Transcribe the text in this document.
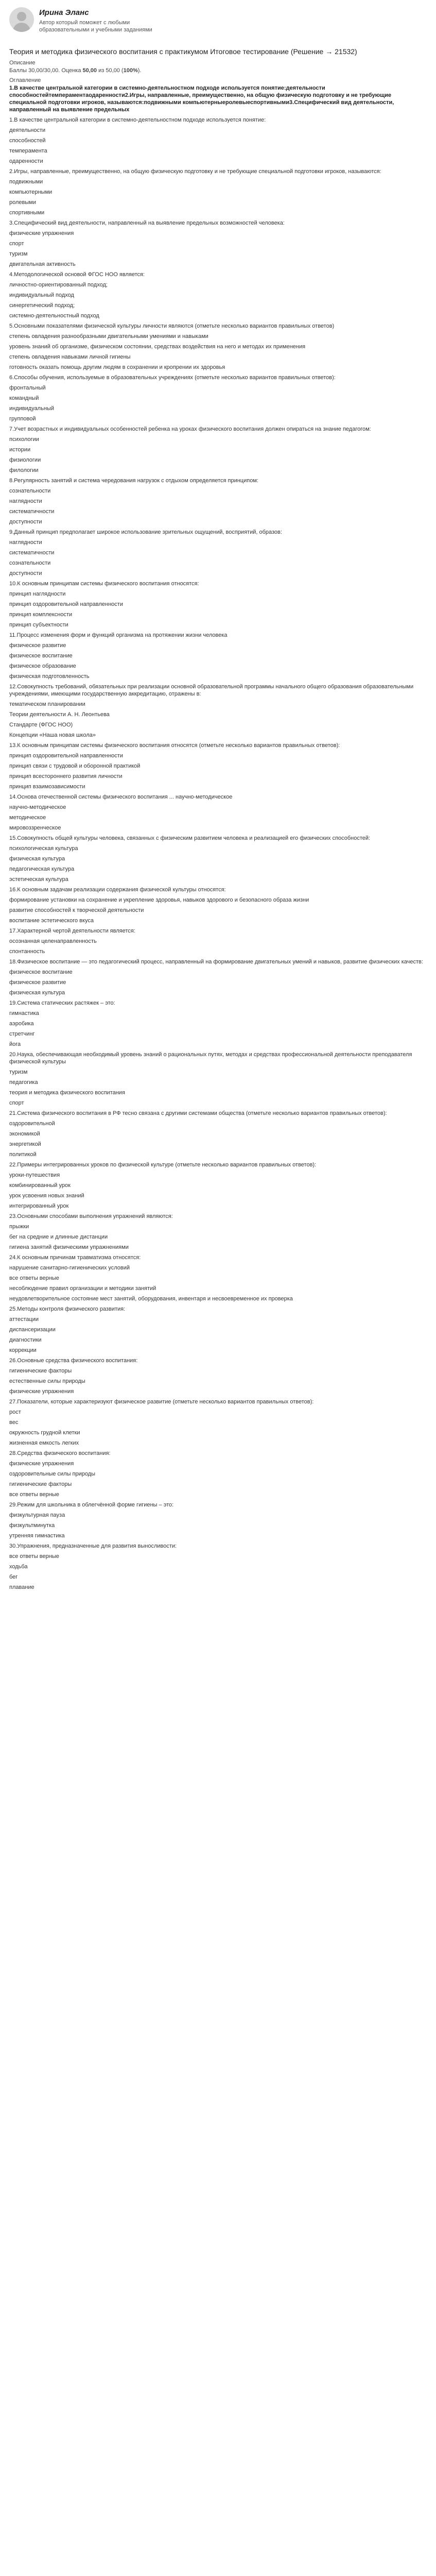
Ирина Эланс
Автор который поможет с любыми образовательными и учебными заданиями
Теория и методика физического воспитания с практикумом Итоговое тестирование (Решение → 21532)
Описание
Баллы 30,00/30,00. Оценка 50,00 из 50,00 (100%).
Оглавление

1.В качестве центральной категории в системно-деятельностном подходе используется понятие:деятельности способностейтемпераментаодаренности2.Игры, направленные, преимущественно, на общую физическую подготовку и не требующие специальной подготовки игроков, называются:подвижными компьютерныеролевыеспортивными3.Специфический вид деятельности, направленный на выявление предельных

1.В качестве центральной категории в системно-деятельностном подходе используется понятие:
деятельности
способностей
темперамента
одаренности
2.Игры, направленные, преимущественно, на общую физическую подготовку и не требующие специальной подготовки игроков, называются:
подвижными
компьютерными
ролевыми
спортивными
3.Специфический вид деятельности, направленный на выявление предельных возможностей человека:
физические упражнения
спорт
туризм
двигательная активность
4.Методологической основой ФГОС НОО является:
личностно-ориентированный подход;
индивидуальный подход
синергетический подход;
системно-деятельностный подход
5.Основными показателями физической культуры личности являются (отметьте несколько вариантов правильных ответов)
степень овладения разнообразными двигательными умениями и навыками
уровень знаний об организме, физическом состоянии, средствах воздействия на него и методах их применения
степень овладения навыками личной гигиены
готовность оказать помощь другим людям в сохранении и кропрении их здоровья
6.Способы обучения, используемые в образовательных учреждениях (отметьте несколько вариантов правильных ответов):
фронтальный
командный
индивидуальный
групповой
7.Учет возрастных и индивидуальных особенностей ребенка на уроках физического воспитания должен опираться на знание педагогом:
психологии
истории
физиологии
филологии
8.Регулярность занятий и система чередования нагрузок с отдыхом определяется принципом:
сознательности
наглядности
систематичности
доступности
9.Данный принцип предполагает широкое использование зрительных ощущений, восприятий, образов:
наглядности
систематичности
сознательности
доступности
10.К основным принципам системы физического воспитания относятся:
принцип наглядности
принцип оздоровительной направленности
принцип комплексности
принцип субъектности
11.Процесс изменения форм и функций организма на протяжении жизни человека
физическое развитие
физическое воспитание
физическое образование
физическая подготовленность
12.Совокупность требований, обязательных при реализации основной образовательной программы начального общего образования образовательными учреждениями, имеющими государственную аккредитацию, отражены в:
тематическом планировании
Теории деятельности А. Н. Леонтьева
Стандарте (ФГОС НОО)
Концепции «Наша новая школа»
13.К основным принципам системы физического воспитания относятся (отметьте несколько вариантов правильных ответов):
принцип оздоровительной направленности
принцип связи с трудовой и оборонной практикой
принцип всестороннего развития личности
принцип взаимозависимости
14.Основа отечественной системы физического воспитания ... научно-методическое
научно-методическое
методическое
мировоззренческое
15.Совокупность общей культуры человека, связанных с физическим развитием человека и реализацией его физических способностей:
психологическая культура
физическая культура
педагогическая культура
эстетическая культура
16.К основным задачам реализации содержания физической культуры относятся:
формирование установки на сохранение и укрепление здоровья, навыков здорового и безопасного образа жизни
развитие способностей к творческой деятельности
воспитание эстетического вкуса
17.Характерной чертой деятельности является:
осознанная целенаправленность
спонтанность
18.Физическое воспитание — это педагогический процесс, направленный на формирование двигательных умений и навыков, развитие физических качеств:
физическое воспитание
физическое развитие
физическая культура
19.Система статических растяжек – это:
гимнастика
аэробика
стретчинг
йога
20.Наука, обеспечивающая необходимый уровень знаний о рациональных путях, методах и средствах профессиональной деятельности преподавателя физической культуры
туризм
педагогика
теория и методика физического воспитания
спорт
21.Система физического воспитания в РФ тесно связана с другими системами общества (отметьте несколько вариантов правильных ответов):
оздоровительной
экономикой
энергетикой
политикой
22.Примеры интегрированных уроков по физической культуре (отметьте несколько вариантов правильных ответов):
уроки-путешествия
комбинированный урок
урок усвоения новых знаний
интегрированный урок
23.Основными способами выполнения упражнений являются:
прыжки
бег на средние и длинные дистанции
гигиена занятий физическими упражнениями
24.К основным причинам травматизма относятся:
нарушение санитарно-гигиенических условий
все ответы верные
несоблюдение правил организации и методики занятий
неудовлетворительное состояние мест занятий, оборудования, инвентаря и несвоевременное их проверка
25.Методы контроля физического развития:
аттестации
диспансеризации
диагностики
коррекции
26.Основные средства физического воспитания:
гигиенические факторы
естественные силы природы
физические упражнения
27.Показатели, которые характеризуют физическое развитие (отметьте несколько вариантов правильных ответов):
рост
вес
окружность грудной клетки
жизненная емкость легких
28.Средства физического воспитания:
физические упражнения
оздоровительные силы природы
гигиенические факторы
все ответы верные
29.Режим для школьника в облегчённой форме гигиены – это:
физкультурная пауза
физкультминутка
утренняя гимнастика
30.Упражнения, предназначенные для развития выносливости:
все ответы верные
ходьба
бег
плавание
